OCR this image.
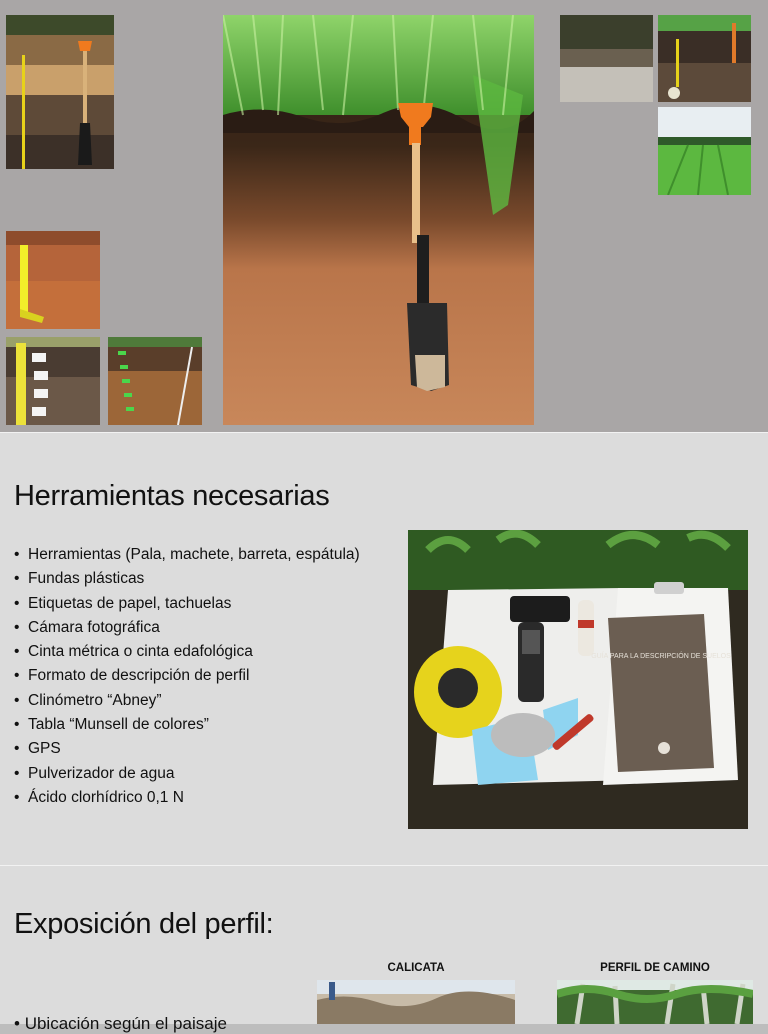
Herramientas necesarias
• Herramientas (Pala, machete, barreta, espátula)
• Fundas plásticas
• Etiquetas de papel, tachuelas
• Cámara fotográfica
• Cinta métrica o cinta edafológica
• Formato de descripción de perfil
• Clinómetro “Abney”
• Tabla “Munsell de colores”
• GPS
• Pulverizador de agua
• Ácido clorhídrico 0,1 N
GUÍA PARA LA DESCRIPCIÓN DE SUELOS
Exposición del perfil:
CALICATA	PERFIL DE CAMINO
• Ubicación según el paisaje
